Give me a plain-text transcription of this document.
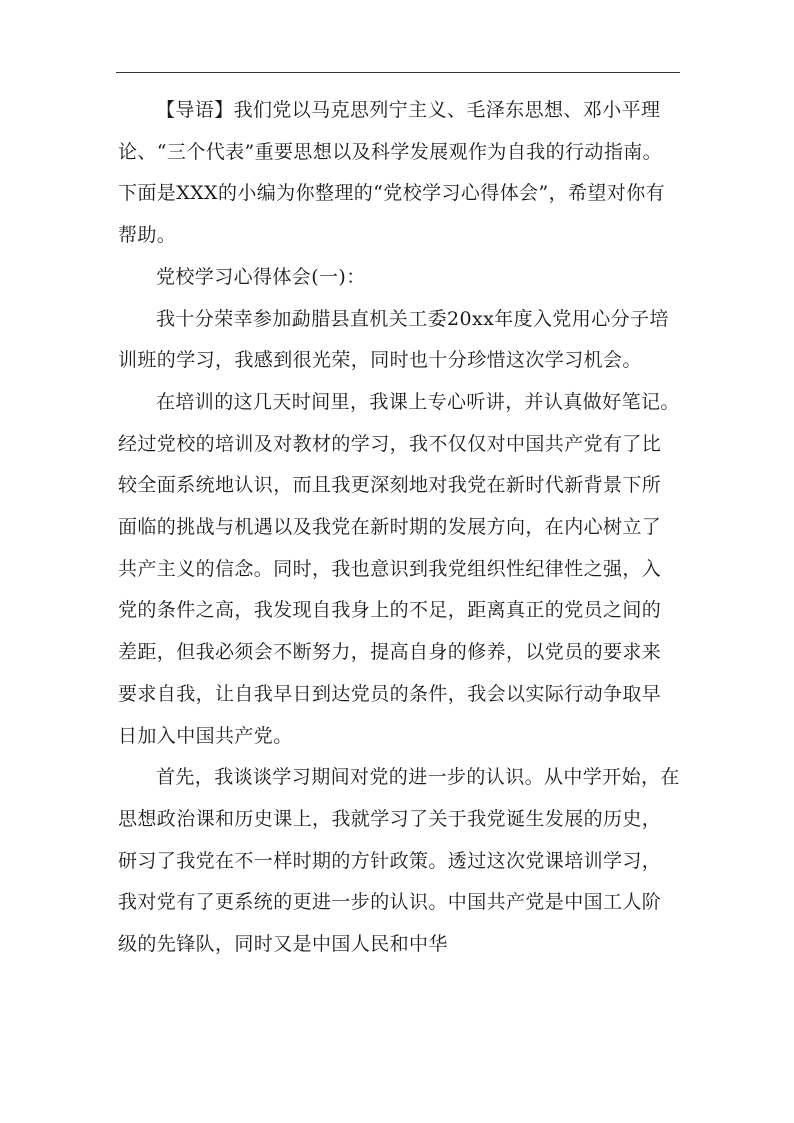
【导语】我们党以马克思列宁主义、毛泽东思想、邓小平理论、“三个代表”重要思想以及科学发展观作为自我的行动指南。下面是XXX的小编为你整理的“党校学习心得体会”，希望对你有帮助。

党校学习心得体会(一)：

我十分荣幸参加勐腊县直机关工委20xx年度入党用心分子培训班的学习，我感到很光荣，同时也十分珍惜这次学习机会。

在培训的这几天时间里，我课上专心听讲，并认真做好笔记。经过党校的培训及对教材的学习，我不仅仅对中国共产党有了比较全面系统地认识，而且我更深刻地对我党在新时代新背景下所面临的挑战与机遇以及我党在新时期的发展方向，在内心树立了共产主义的信念。同时，我也意识到我党组织性纪律性之强，入党的条件之高，我发现自我身上的不足，距离真正的党员之间的差距，但我必须会不断努力，提高自身的修养，以党员的要求来要求自我，让自我早日到达党员的条件，我会以实际行动争取早日加入中国共产党。

首先，我谈谈学习期间对党的进一步的认识。从中学开始，在思想政治课和历史课上，我就学习了关于我党诞生发展的历史，研习了我党在不一样时期的方针政策。透过这次党课培训学习，我对党有了更系统的更进一步的认识。中国共产党是中国工人阶级的先锋队，同时又是中国人民和中华
